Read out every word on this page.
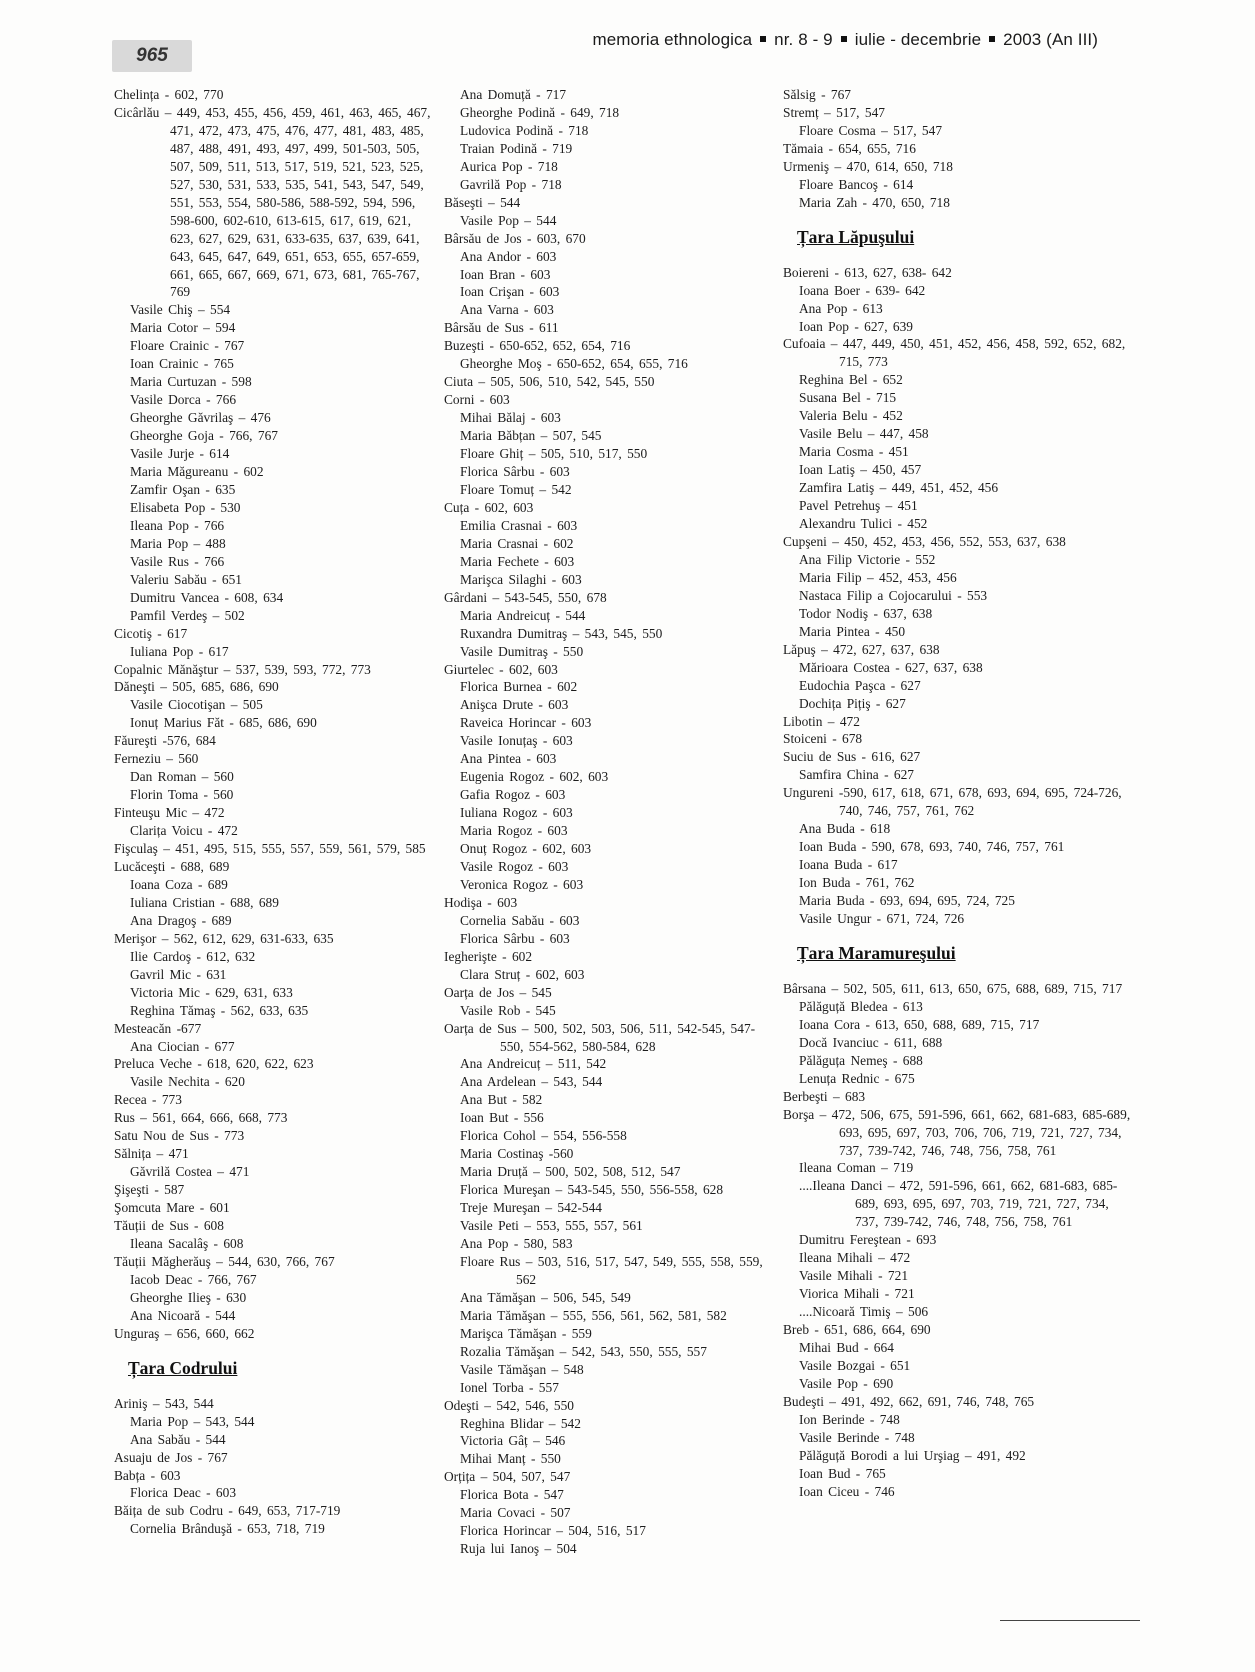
965
memoria ethnologica nr. 8 - 9 iulie - decembrie 2003 (An III)
Chelința - 602, 770
Cicârlău – 449, 453, 455, 456, 459, 461, 463, 465, 467, 471, 472, 473, 475, 476, 477, 481, 483, 485, 487, 488, 491, 493, 497, 499, 501-503, 505, 507, 509, 511, 513, 517, 519, 521, 523, 525, 527, 530, 531, 533, 535, 541, 543, 547, 549, 551, 553, 554, 580-586, 588-592, 594, 596, 598-600, 602-610, 613-615, 617, 619, 621, 623, 627, 629, 631, 633-635, 637, 639, 641, 643, 645, 647, 649, 651, 653, 655, 657-659, 661, 665, 667, 669, 671, 673, 681, 765-767, 769
Vasile Chiş – 554
Maria Cotor – 594
Floare Crainic - 767
Ioan Crainic - 765
Maria Curtuzan - 598
Vasile Dorca - 766
Gheorghe Găvrilaş – 476
Gheorghe Goja - 766, 767
Vasile Jurje - 614
Maria Măgureanu - 602
Zamfir Oşan - 635
Elisabeta Pop - 530
Ileana Pop - 766
Maria Pop – 488
Vasile Rus - 766
Valeriu Sabău - 651
Dumitru Vancea - 608, 634
Pamfil Verdeş – 502
Cicotiş - 617
Iuliana Pop - 617
Copalnic Mănăştur – 537, 539, 593, 772, 773
Dăneşti – 505, 685, 686, 690
Vasile Ciocotişan – 505
Ionuț Marius Făt - 685, 686, 690
Făureşti -576, 684
Ferneziu – 560
Dan Roman – 560
Florin Toma - 560
Finteuşu Mic – 472
Clarița Voicu - 472
Fişculaş – 451, 495, 515, 555, 557, 559, 561, 579, 585
Lucăceşti - 688, 689
Ioana Coza - 689
Iuliana Cristian - 688, 689
Ana Dragoş - 689
Merişor – 562, 612, 629, 631-633, 635
Ilie Cardoş - 612, 632
Gavril Mic - 631
Victoria Mic - 629, 631, 633
Reghina Tămaş - 562, 633, 635
Mesteacăn -677
Ana Ciocian - 677
Preluca Veche - 618, 620, 622, 623
Vasile Nechita - 620
Recea - 773
Rus – 561, 664, 666, 668, 773
Satu Nou de Sus - 773
Sălnița – 471
Găvrilă Costea – 471
Şişeşti - 587
Şomcuta Mare - 601
Tăuții de Sus - 608
Ileana Sacalâş - 608
Tăuții Măgherăuş – 544, 630, 766, 767
Iacob Deac - 766, 767
Gheorghe Ilieş - 630
Ana Nicoară - 544
Unguraş – 656, 660, 662
Țara Codrului
Arinіş – 543, 544
Maria Pop – 543, 544
Ana Sabău - 544
Asuaju de Jos - 767
Babța - 603
Florica Deac - 603
Băița de sub Codru - 649, 653, 717-719
Cornelia Brânduşă - 653, 718, 719
Ana Domuță - 717
Gheorghe Podină - 649, 718
Ludovica Podină - 718
Traian Podină - 719
Aurica Pop - 718
Gavrilă Pop - 718
Băseşti – 544
Vasile Pop – 544
Bârsău de Jos - 603, 670
Ana Andor - 603
Ioan Bran - 603
Ioan Crişan - 603
Ana Varna - 603
Bârsău de Sus - 611
Buzeşti - 650-652, 652, 654, 716
Gheorghe Moş - 650-652, 654, 655, 716
Ciuta – 505, 506, 510, 542, 545, 550
Corni - 603
Mihai Bălaj - 603
Maria Băbțan – 507, 545
Floare Ghiț – 505, 510, 517, 550
Florica Sârbu - 603
Floare Tomuț – 542
Cuța - 602, 603
Emilia Crasnai - 603
Maria Crasnai - 602
Maria Fechete - 603
Marişca Silaghi - 603
Gârdani – 543-545, 550, 678
Maria Andreicuț - 544
Ruxandra Dumitraş – 543, 545, 550
Vasile Dumitraş - 550
Giurtelec - 602, 603
Florica Burnea - 602
Anişca Drute - 603
Raveica Horincar - 603
Vasile Ionuțaş - 603
Ana Pintea - 603
Eugenia Rogoz - 602, 603
Gafia Rogoz - 603
Iuliana Rogoz - 603
Maria Rogoz - 603
Onuț Rogoz - 602, 603
Vasile Rogoz - 603
Veronica Rogoz - 603
Hodişa - 603
Cornelia Sabău - 603
Florica Sârbu - 603
Iegherişte - 602
Clara Struț - 602, 603
Oarța de Jos – 545
Vasile Rob - 545
Oarța de Sus – 500, 502, 503, 506, 511, 542-545, 547-550, 554-562, 580-584, 628
Ana Andreicuț – 511, 542
Ana Ardelean – 543, 544
Ana But - 582
Ioan But - 556
Florica Cohol – 554, 556-558
Maria Costinaş -560
Maria Druță – 500, 502, 508, 512, 547
Florica Mureşan – 543-545, 550, 556-558, 628
Treje Mureşan – 542-544
Vasile Peti – 553, 555, 557, 561
Ana Pop - 580, 583
Floare Rus – 503, 516, 517, 547, 549, 555, 558, 559, 562
Ana Tămăşan – 506, 545, 549
Maria Tămăşan – 555, 556, 561, 562, 581, 582
Marişca Tămăşan - 559
Rozalia Tămăşan – 542, 543, 550, 555, 557
Vasile Tămăşan – 548
Ionel Torba - 557
Odeşti – 542, 546, 550
Reghina Blidar – 542
Victoria Gâț – 546
Mihai Manț - 550
Orțița – 504, 507, 547
Florica Bota - 547
Maria Covaci - 507
Florica Horincar – 504, 516, 517
Ruja lui Ianoş – 504
Sălsig - 767
Stremț – 517, 547
Floare Cosma – 517, 547
Tămaia - 654, 655, 716
Urmeniş – 470, 614, 650, 718
Floare Bancoş - 614
Maria Zah - 470, 650, 718
Țara Lăpuşului
Boiereni - 613, 627, 638- 642
Ioana Boer - 639- 642
Ana Pop - 613
Ioan Pop - 627, 639
Cufoaia – 447, 449, 450, 451, 452, 456, 458, 592, 652, 682, 715, 773
Reghina Bel - 652
Susana Bel - 715
Valeria Belu - 452
Vasile Belu – 447, 458
Maria Cosma - 451
Ioan Latiş – 450, 457
Zamfira Latiş – 449, 451, 452, 456
Pavel Petrehuş – 451
Alexandru Tulici - 452
Cupşeni – 450, 452, 453, 456, 552, 553, 637, 638
Ana Filip Victorie - 552
Maria Filip – 452, 453, 456
Nastaca Filip a Cojocarului - 553
Todor Nodiş - 637, 638
Maria Pintea - 450
Lăpuş – 472, 627, 637, 638
Mărioara Costea - 627, 637, 638
Eudochia Paşca - 627
Dochița Pițiş - 627
Libotin – 472
Stoiceni - 678
Suciu de Sus - 616, 627
Samfira China - 627
Ungureni -590, 617, 618, 671, 678, 693, 694, 695, 724-726, 740, 746, 757, 761, 762
Ana Buda - 618
Ioan Buda - 590, 678, 693, 740, 746, 757, 761
Ioana Buda - 617
Ion Buda - 761, 762
Maria Buda - 693, 694, 695, 724, 725
Vasile Ungur - 671, 724, 726
Țara Maramureşului
Bârsana – 502, 505, 611, 613, 650, 675, 688, 689, 715, 717
Pălăguță Bledea - 613
Ioana Cora - 613, 650, 688, 689, 715, 717
Docă Ivanciuc - 611, 688
Pălăguța Nemeş - 688
Lenuța Rednic - 675
Berbeşti – 683
Borşa – 472, 506, 675, 591-596, 661, 662, 681-683, 685-689, 693, 695, 697, 703, 706, 706, 719, 721, 727, 734, 737, 739-742, 746, 748, 756, 758, 761
Ileana Coman – 719
....Ileana Danci – 472, 591-596, 661, 662, 681-683, 685-689, 693, 695, 697, 703, 719, 721, 727, 734, 737, 739-742, 746, 748, 756, 758, 761
Dumitru Fereştean - 693
Ileana Mihali – 472
Vasile Mihali - 721
Viorica Mihali - 721
....Nicoară Timiş – 506
Breb - 651, 686, 664, 690
Mihai Bud - 664
Vasile Bozgai - 651
Vasile Pop - 690
Budeşti – 491, 492, 662, 691, 746, 748, 765
Ion Berinde - 748
Vasile Berinde - 748
Pălăguță Borodi a lui Urşiag – 491, 492
Ioan Bud - 765
Ioan Ciceu - 746
